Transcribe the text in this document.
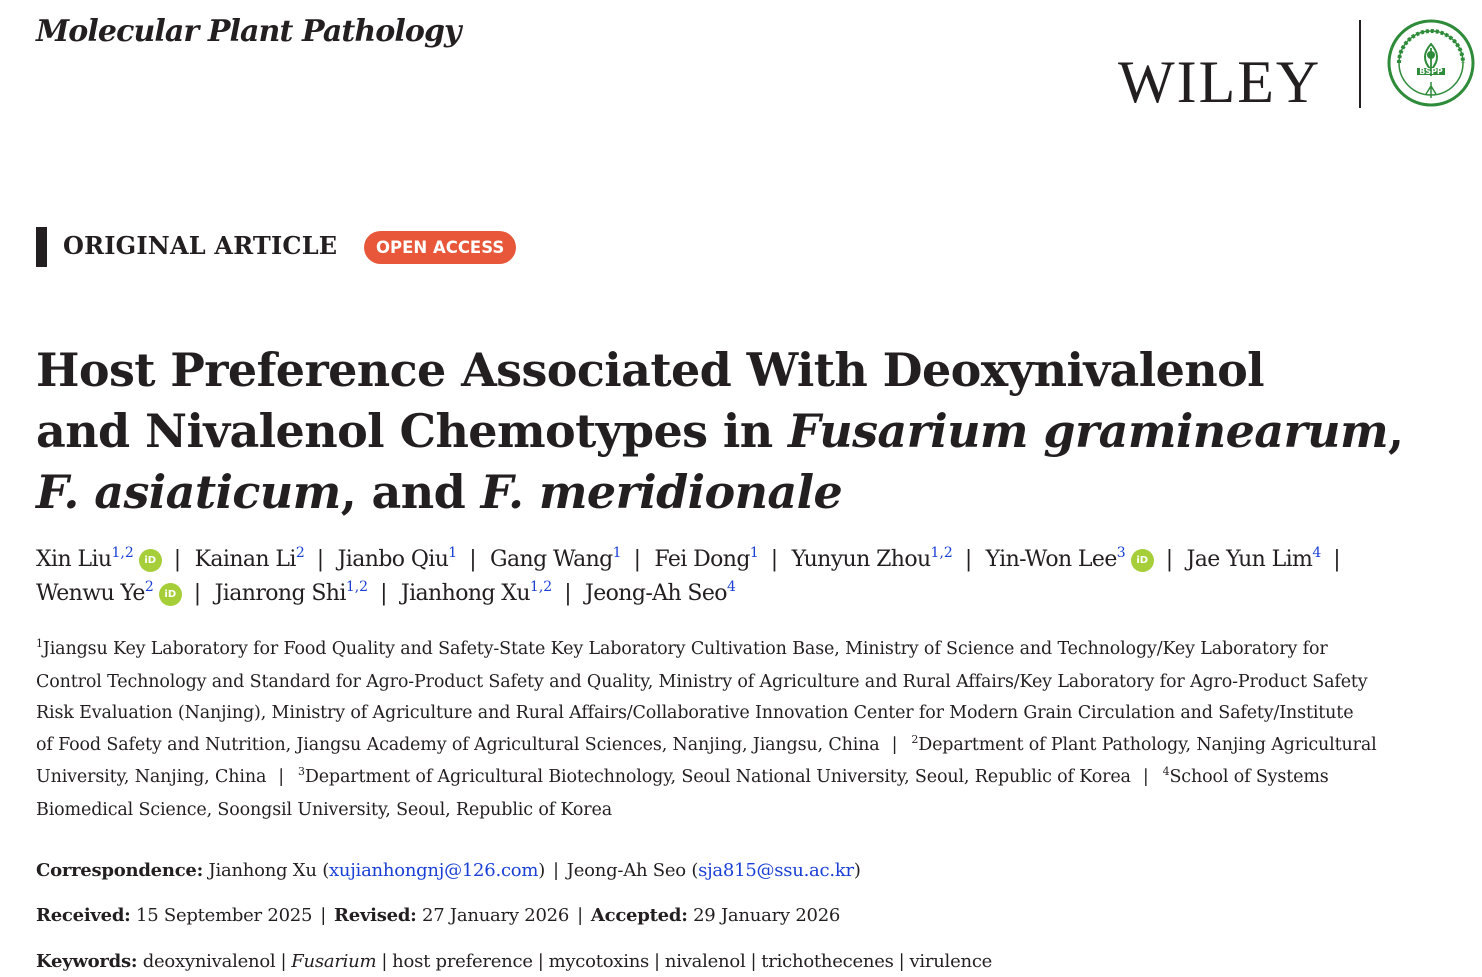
Molecular Plant Pathology
WILEY	BSPP
ORIGINAL ARTICLE	OPEN ACCESS
Host Preference Associated With Deoxynivalenol
and Nivalenol Chemotypes in Fusarium graminearum,
F. asiaticum, and F. meridionale

Xin Liu$^{1,2}$ iD | Kainan Li$^2$ | Jianbo Qiu$^1$ | Gang Wang$^1$ | Fei Dong$^1$ | Yunyun Zhou$^{1,2}$ | Yin-Won Lee$^3$ iD | Jae Yun Lim$^4$ |
Wenwu Ye$^2$ iD | Jianrong Shi$^{1,2}$ | Jianhong Xu$^{1,2}$ | Jeong-Ah Seo$^4$

$^1$Jiangsu Key Laboratory for Food Quality and Safety-State Key Laboratory Cultivation Base, Ministry of Science and Technology/Key Laboratory for
Control Technology and Standard for Agro-Product Safety and Quality, Ministry of Agriculture and Rural Affairs/Key Laboratory for Agro-Product Safety
Risk Evaluation (Nanjing), Ministry of Agriculture and Rural Affairs/Collaborative Innovation Center for Modern Grain Circulation and Safety/Institute
of Food Safety and Nutrition, Jiangsu Academy of Agricultural Sciences, Nanjing, Jiangsu, China | $^2$Department of Plant Pathology, Nanjing Agricultural
University, Nanjing, China | $^3$Department of Agricultural Biotechnology, Seoul National University, Seoul, Republic of Korea | $^4$School of Systems
Biomedical Science, Soongsil University, Seoul, Republic of Korea

Correspondence: Jianhong Xu (xujianhongnj@126.com) | Jeong-Ah Seo (sja815@ssu.ac.kr)

Received: 15 September 2025 | Revised: 27 January 2026 | Accepted: 29 January 2026

Keywords: deoxynivalenol | Fusarium | host preference | mycotoxins | nivalenol | trichothecenes | virulence
